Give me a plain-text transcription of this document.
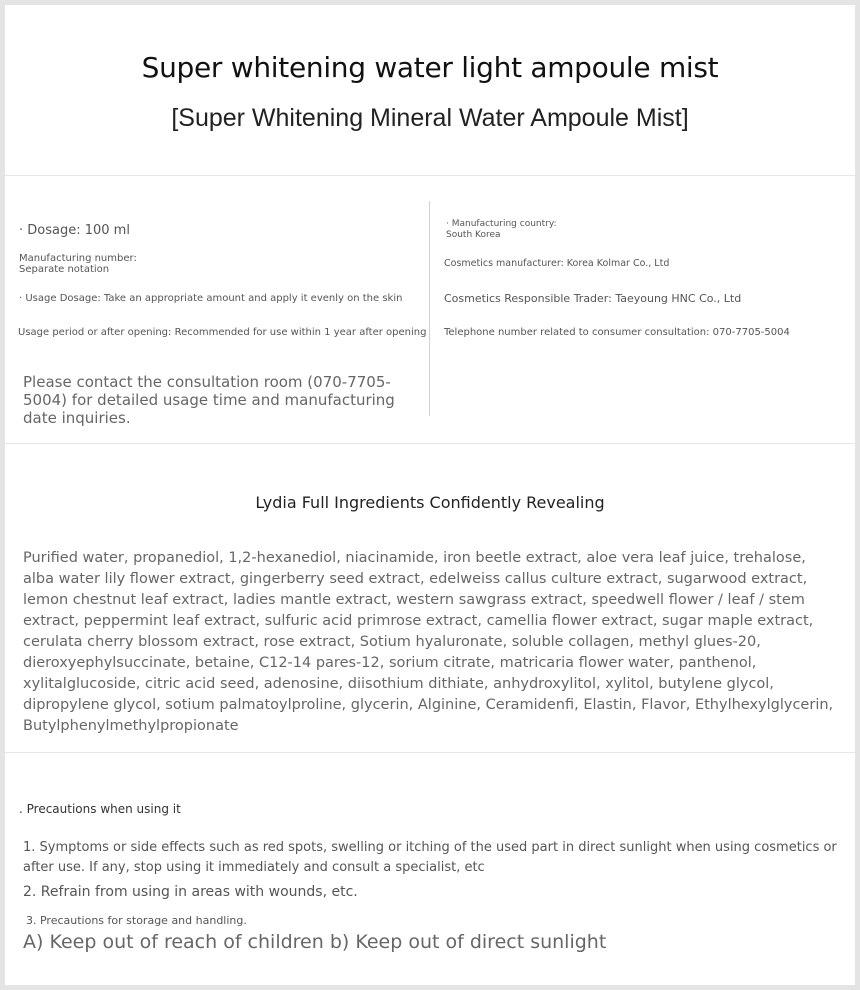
Super whitening water light ampoule mist
[Super Whitening Mineral Water Ampoule Mist]
· Dosage: 100 ml
Manufacturing number: Separate notation
· Usage Dosage: Take an appropriate amount and apply it evenly on the skin
Usage period or after opening: Recommended for use within 1 year after opening
Please contact the consultation room (070-7705-5004) for detailed usage time and manufacturing date inquiries.
· Manufacturing country:
South Korea
Cosmetics manufacturer: Korea Kolmar Co., Ltd
Cosmetics Responsible Trader: Taeyoung HNC Co., Ltd
Telephone number related to consumer consultation: 070-7705-5004
Lydia Full Ingredients Confidently Revealing
Purified water, propanediol, 1,2-hexanediol, niacinamide, iron beetle extract, aloe vera leaf juice, trehalose, alba water lily flower extract, gingerberry seed extract, edelweiss callus culture extract, sugarwood extract, lemon chestnut leaf extract, ladies mantle extract, western sawgrass extract, speedwell flower / leaf / stem extract, peppermint leaf extract, sulfuric acid primrose extract, camellia flower extract, sugar maple extract, cerulata cherry blossom extract, rose extract, Sotium hyaluronate, soluble collagen, methyl glues-20, dieroxyephylsuccinate, betaine, C12-14 pares-12, sorium citrate, matricaria flower water, panthenol, xylitalglucoside, citric acid seed, adenosine, diisothium dithiate, anhydroxylitol, xylitol, butylene glycol, dipropylene glycol, sotium palmatoylproline, glycerin, Alginine, Ceramidenfi, Elastin, Flavor, Ethylhexylglycerin, Butylphenylmethylpropionate
. Precautions when using it
1. Symptoms or side effects such as red spots, swelling or itching of the used part in direct sunlight when using cosmetics or after use. If any, stop using it immediately and consult a specialist, etc
2. Refrain from using in areas with wounds, etc.
3. Precautions for storage and handling.
A) Keep out of reach of children b) Keep out of direct sunlight
